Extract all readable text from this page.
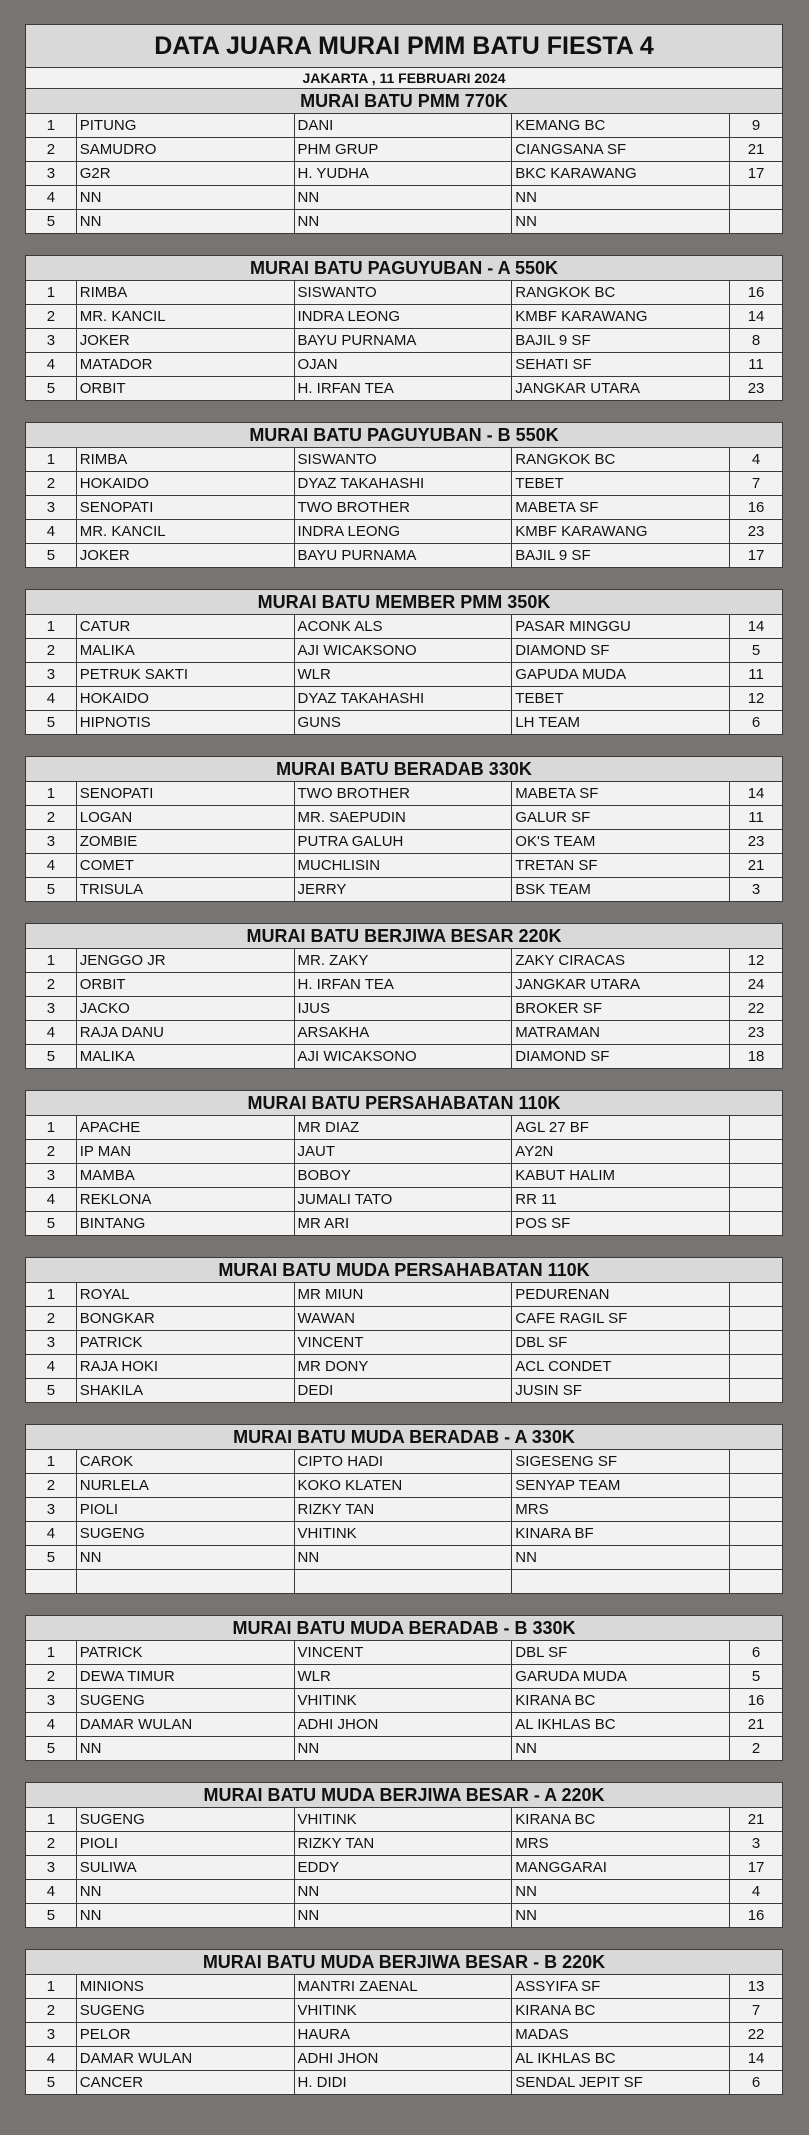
DATA JUARA MURAI PMM BATU FIESTA 4				
JAKARTA , 11 FEBRUARI 2024				
MURAI BATU PMM 770K				
1	PITUNG	DANI	KEMANG BC	9
2	SAMUDRO	PHM GRUP	CIANGSANA SF	21
3	G2R	H. YUDHA	BKC KARAWANG	17
4	NN	NN	NN	
5	NN	NN	NN	

MURAI BATU PAGUYUBAN - A 550K				
1	RIMBA	SISWANTO	RANGKOK BC	16
2	MR. KANCIL	INDRA LEONG	KMBF KARAWANG	14
3	JOKER	BAYU PURNAMA	BAJIL 9 SF	8
4	MATADOR	OJAN	SEHATI SF	11
5	ORBIT	H. IRFAN TEA	JANGKAR UTARA	23

MURAI BATU PAGUYUBAN - B 550K				
1	RIMBA	SISWANTO	RANGKOK BC	4
2	HOKAIDO	DYAZ TAKAHASHI	TEBET	7
3	SENOPATI	TWO BROTHER	MABETA SF	16
4	MR. KANCIL	INDRA LEONG	KMBF KARAWANG	23
5	JOKER	BAYU PURNAMA	BAJIL 9 SF	17

MURAI BATU MEMBER PMM 350K				
1	CATUR	ACONK ALS	PASAR MINGGU	14
2	MALIKA	AJI WICAKSONO	DIAMOND SF	5
3	PETRUK SAKTI	WLR	GAPUDA MUDA	11
4	HOKAIDO	DYAZ TAKAHASHI	TEBET	12
5	HIPNOTIS	GUNS	LH TEAM	6

MURAI BATU BERADAB 330K				
1	SENOPATI	TWO BROTHER	MABETA SF	14
2	LOGAN	MR. SAEPUDIN	GALUR SF	11
3	ZOMBIE	PUTRA GALUH	OK'S TEAM	23
4	COMET	MUCHLISIN	TRETAN SF	21
5	TRISULA	JERRY	BSK TEAM	3

MURAI BATU BERJIWA BESAR 220K				
1	JENGGO JR	MR. ZAKY	ZAKY CIRACAS	12
2	ORBIT	H. IRFAN TEA	JANGKAR UTARA	24
3	JACKO	IJUS	BROKER SF	22
4	RAJA DANU	ARSAKHA	MATRAMAN	23
5	MALIKA	AJI WICAKSONO	DIAMOND SF	18

MURAI BATU PERSAHABATAN 110K				
1	APACHE	MR DIAZ	AGL 27 BF	
2	IP MAN	JAUT	AY2N	
3	MAMBA	BOBOY	KABUT HALIM	
4	REKLONA	JUMALI TATO	RR 11	
5	BINTANG	MR ARI	POS SF	

MURAI BATU MUDA PERSAHABATAN 110K				
1	ROYAL	MR MIUN	PEDURENAN	
2	BONGKAR	WAWAN	CAFE RAGIL SF	
3	PATRICK	VINCENT	DBL SF	
4	RAJA HOKI	MR DONY	ACL CONDET	
5	SHAKILA	DEDI	JUSIN SF	

MURAI BATU MUDA BERADAB - A 330K				
1	CAROK	CIPTO HADI	SIGESENG SF	
2	NURLELA	KOKO KLATEN	SENYAP TEAM	
3	PIOLI	RIZKY TAN	MRS	
4	SUGENG	VHITINK	KINARA BF	
5	NN	NN	NN	

MURAI BATU MUDA BERADAB - B 330K				
1	PATRICK	VINCENT	DBL SF	6
2	DEWA TIMUR	WLR	GARUDA MUDA	5
3	SUGENG	VHITINK	KIRANA BC	16
4	DAMAR WULAN	ADHI JHON	AL IKHLAS BC	21
5	NN	NN	NN	2

MURAI BATU MUDA BERJIWA BESAR - A 220K				
1	SUGENG	VHITINK	KIRANA BC	21
2	PIOLI	RIZKY TAN	MRS	3
3	SULIWA	EDDY	MANGGARAI	17
4	NN	NN	NN	4
5	NN	NN	NN	16

MURAI BATU MUDA BERJIWA BESAR - B 220K				
1	MINIONS	MANTRI ZAENAL	ASSYIFA SF	13
2	SUGENG	VHITINK	KIRANA BC	7
3	PELOR	HAURA	MADAS	22
4	DAMAR WULAN	ADHI JHON	AL IKHLAS BC	14
5	CANCER	H. DIDI	SENDAL JEPIT SF	6
